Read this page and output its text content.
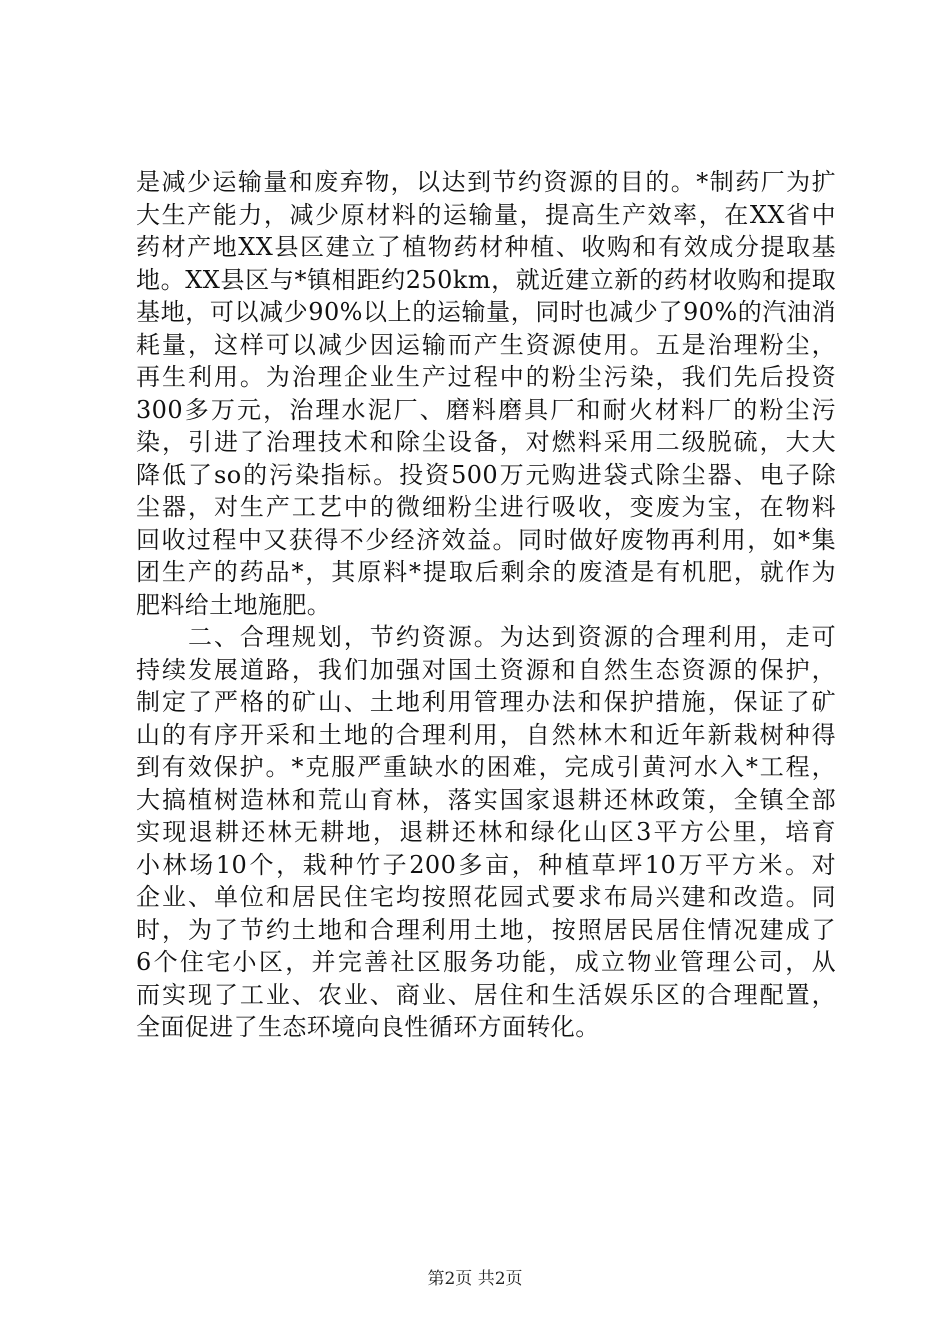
是减少运输量和废弃物，以达到节约资源的目的。*制药厂为扩
大生产能力，减少原材料的运输量，提高生产效率，在XX省中
药材产地XX县区建立了植物药材种植、收购和有效成分提取基
地。XX县区与*镇相距约250km，就近建立新的药材收购和提取
基地，可以减少90%以上的运输量，同时也减少了90%的汽油消
耗量，这样可以减少因运输而产生资源使用。五是治理粉尘，
再生利用。为治理企业生产过程中的粉尘污染，我们先后投资
300多万元，治理水泥厂、磨料磨具厂和耐火材料厂的粉尘污
染，引进了治理技术和除尘设备，对燃料采用二级脱硫，大大
降低了so的污染指标。投资500万元购进袋式除尘器、电子除
尘器，对生产工艺中的微细粉尘进行吸收，变废为宝，在物料
回收过程中又获得不少经济效益。同时做好废物再利用，如*集
团生产的药品*，其原料*提取后剩余的废渣是有机肥，就作为
肥料给土地施肥。
　　二、合理规划，节约资源。为达到资源的合理利用，走可
持续发展道路，我们加强对国土资源和自然生态资源的保护，
制定了严格的矿山、土地利用管理办法和保护措施，保证了矿
山的有序开采和土地的合理利用，自然林木和近年新栽树种得
到有效保护。*克服严重缺水的困难，完成引黄河水入*工程，
大搞植树造林和荒山育林，落实国家退耕还林政策，全镇全部
实现退耕还林无耕地，退耕还林和绿化山区3平方公里，培育
小林场10个，栽种竹子200多亩，种植草坪10万平方米。对
企业、单位和居民住宅均按照花园式要求布局兴建和改造。同
时，为了节约土地和合理利用土地，按照居民居住情况建成了
6个住宅小区，并完善社区服务功能，成立物业管理公司，从
而实现了工业、农业、商业、居住和生活娱乐区的合理配置，
全面促进了生态环境向良性循环方面转化。
第2页 共2页
